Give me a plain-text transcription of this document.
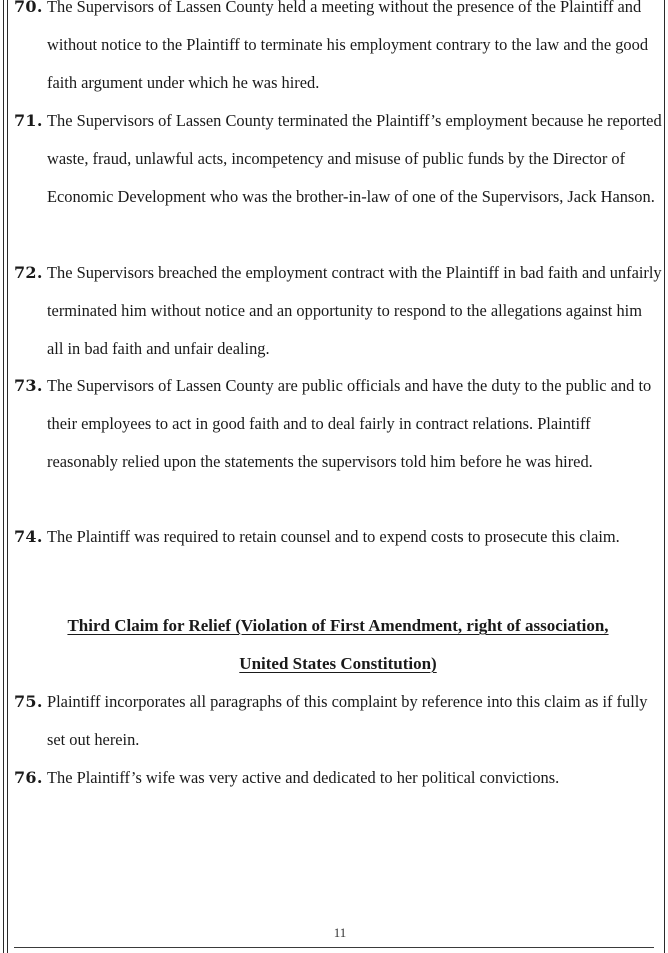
70. The Supervisors of Lassen County held a meeting without the presence of the Plaintiff and without notice to the Plaintiff to terminate his employment contrary to the law and the good faith argument under which he was hired.
71. The Supervisors of Lassen County terminated the Plaintiff’s employment because he reported waste, fraud, unlawful acts, incompetency and misuse of public funds by the Director of Economic Development who was the brother-in-law of one of the Supervisors, Jack Hanson.
72. The Supervisors breached the employment contract with the Plaintiff in bad faith and unfairly terminated him without notice and an opportunity to respond to the allegations against him all in bad faith and unfair dealing.
73. The Supervisors of Lassen County are public officials and have the duty to the public and to their employees to act in good faith and to deal fairly in contract relations. Plaintiff reasonably relied upon the statements the supervisors told him before he was hired.
74. The Plaintiff was required to retain counsel and to expend costs to prosecute this claim.
Third Claim for Relief (Violation of First Amendment, right of association,
United States Constitution)
75. Plaintiff incorporates all paragraphs of this complaint by reference into this claim as if fully set out herein.
76. The Plaintiff’s wife was very active and dedicated to her political convictions.
11
